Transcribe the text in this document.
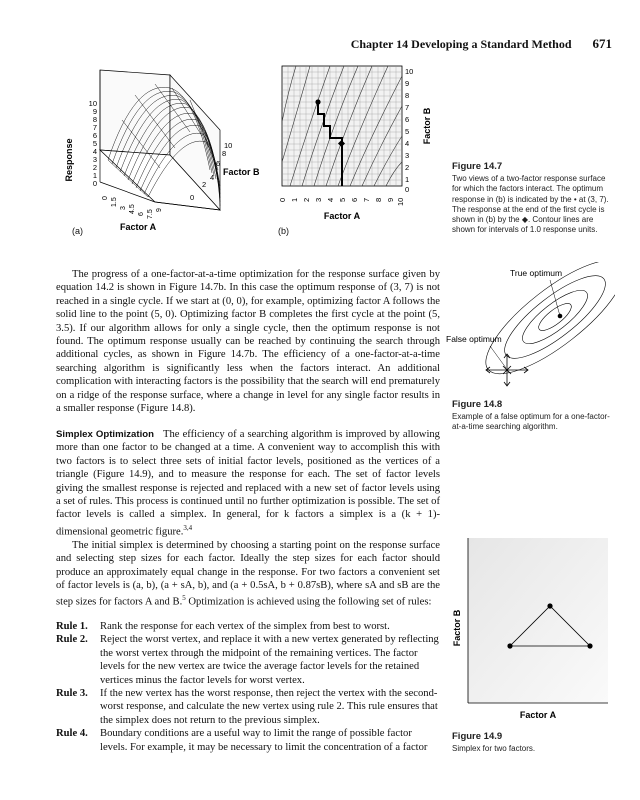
Chapter 14 Developing a Standard Method 671
10
9
8
7
6
5
4
3
2
1
0
Response
0 1.5
3 4.5
6 7.5 9
Factor A
0
2
4
6
8
10
Factor B
(a)
10
9
8
7
6
5
4
3
2
1
0
Factor B
0 1 2 3 4 5 6 7 8 9 10
Factor A
(b)
Figure 14.7
Two views of a two-factor response surface for which the factors interact. The optimum response in (b) is indicated by the • at (3, 7). The response at the end of the first cycle is shown in (b) by the ◆. Contour lines are shown for intervals of 1.0 response units.

The progress of a one-factor-at-a-time optimization for the response surface given by equation 14.2 is shown in Figure 14.7b. In this case the optimum response of (3, 7) is not reached in a single cycle. If we start at (0, 0), for example, optimizing factor A follows the solid line to the point (5, 0). Optimizing factor B completes the first cycle at the point (5, 3.5). If our algorithm allows for only a single cycle, then the optimum response is not found. The optimum response usually can be reached by continuing the search through additional cycles, as shown in Figure 14.7b. The efficiency of a one-factor-at-a-time searching algorithm is significantly less when the factors interact. An additional complication with interacting factors is the possibility that the search will end prematurely on a ridge of the response surface, where a change in level for any single factor results in a smaller response (Figure 14.8).

Simplex Optimization The efficiency of a searching algorithm is improved by allowing more than one factor to be changed at a time. A convenient way to accomplish this with two factors is to select three sets of initial factor levels, positioned as the vertices of a triangle (Figure 14.9), and to measure the response for each. The set of factor levels giving the smallest response is rejected and replaced with a new set of factor levels using a set of rules. This process is continued until no further optimization is possible. The set of factor levels is called a simplex. In general, for k factors a simplex is a (k + 1)-dimensional geometric figure.$^{3,4}$

The initial simplex is determined by choosing a starting point on the response surface and selecting step sizes for each factor. Ideally the step sizes for each factor should produce an approximately equal change in the response. For two factors a convenient set of factor levels is (a, b), (a + sA, b), and (a + 0.5sA, b + 0.87sB), where sA and sB are the step sizes for factors A and B.$^5$ Optimization is achieved using the following set of rules:

Rule 1.	Rank the response for each vertex of the simplex from best to worst.
Rule 2.	Reject the worst vertex, and replace it with a new vertex generated by reflecting the worst vertex through the midpoint of the remaining vertices. The factor levels for the new vertex are twice the average factor levels for the retained vertices minus the factor levels for worst vertex.
Rule 3.	If the new vertex has the worst response, then reject the vertex with the second-worst response, and calculate the new vertex using rule 2. This rule ensures that the simplex does not return to the previous simplex.
Rule 4.	Boundary conditions are a useful way to limit the range of possible factor levels. For example, it may be necessary to limit the concentration of a factor
True optimum
False optimum
Figure 14.8
Example of a false optimum for a one-factor-at-a-time searching algorithm.
Factor B
Factor A
Figure 14.9
Simplex for two factors.
